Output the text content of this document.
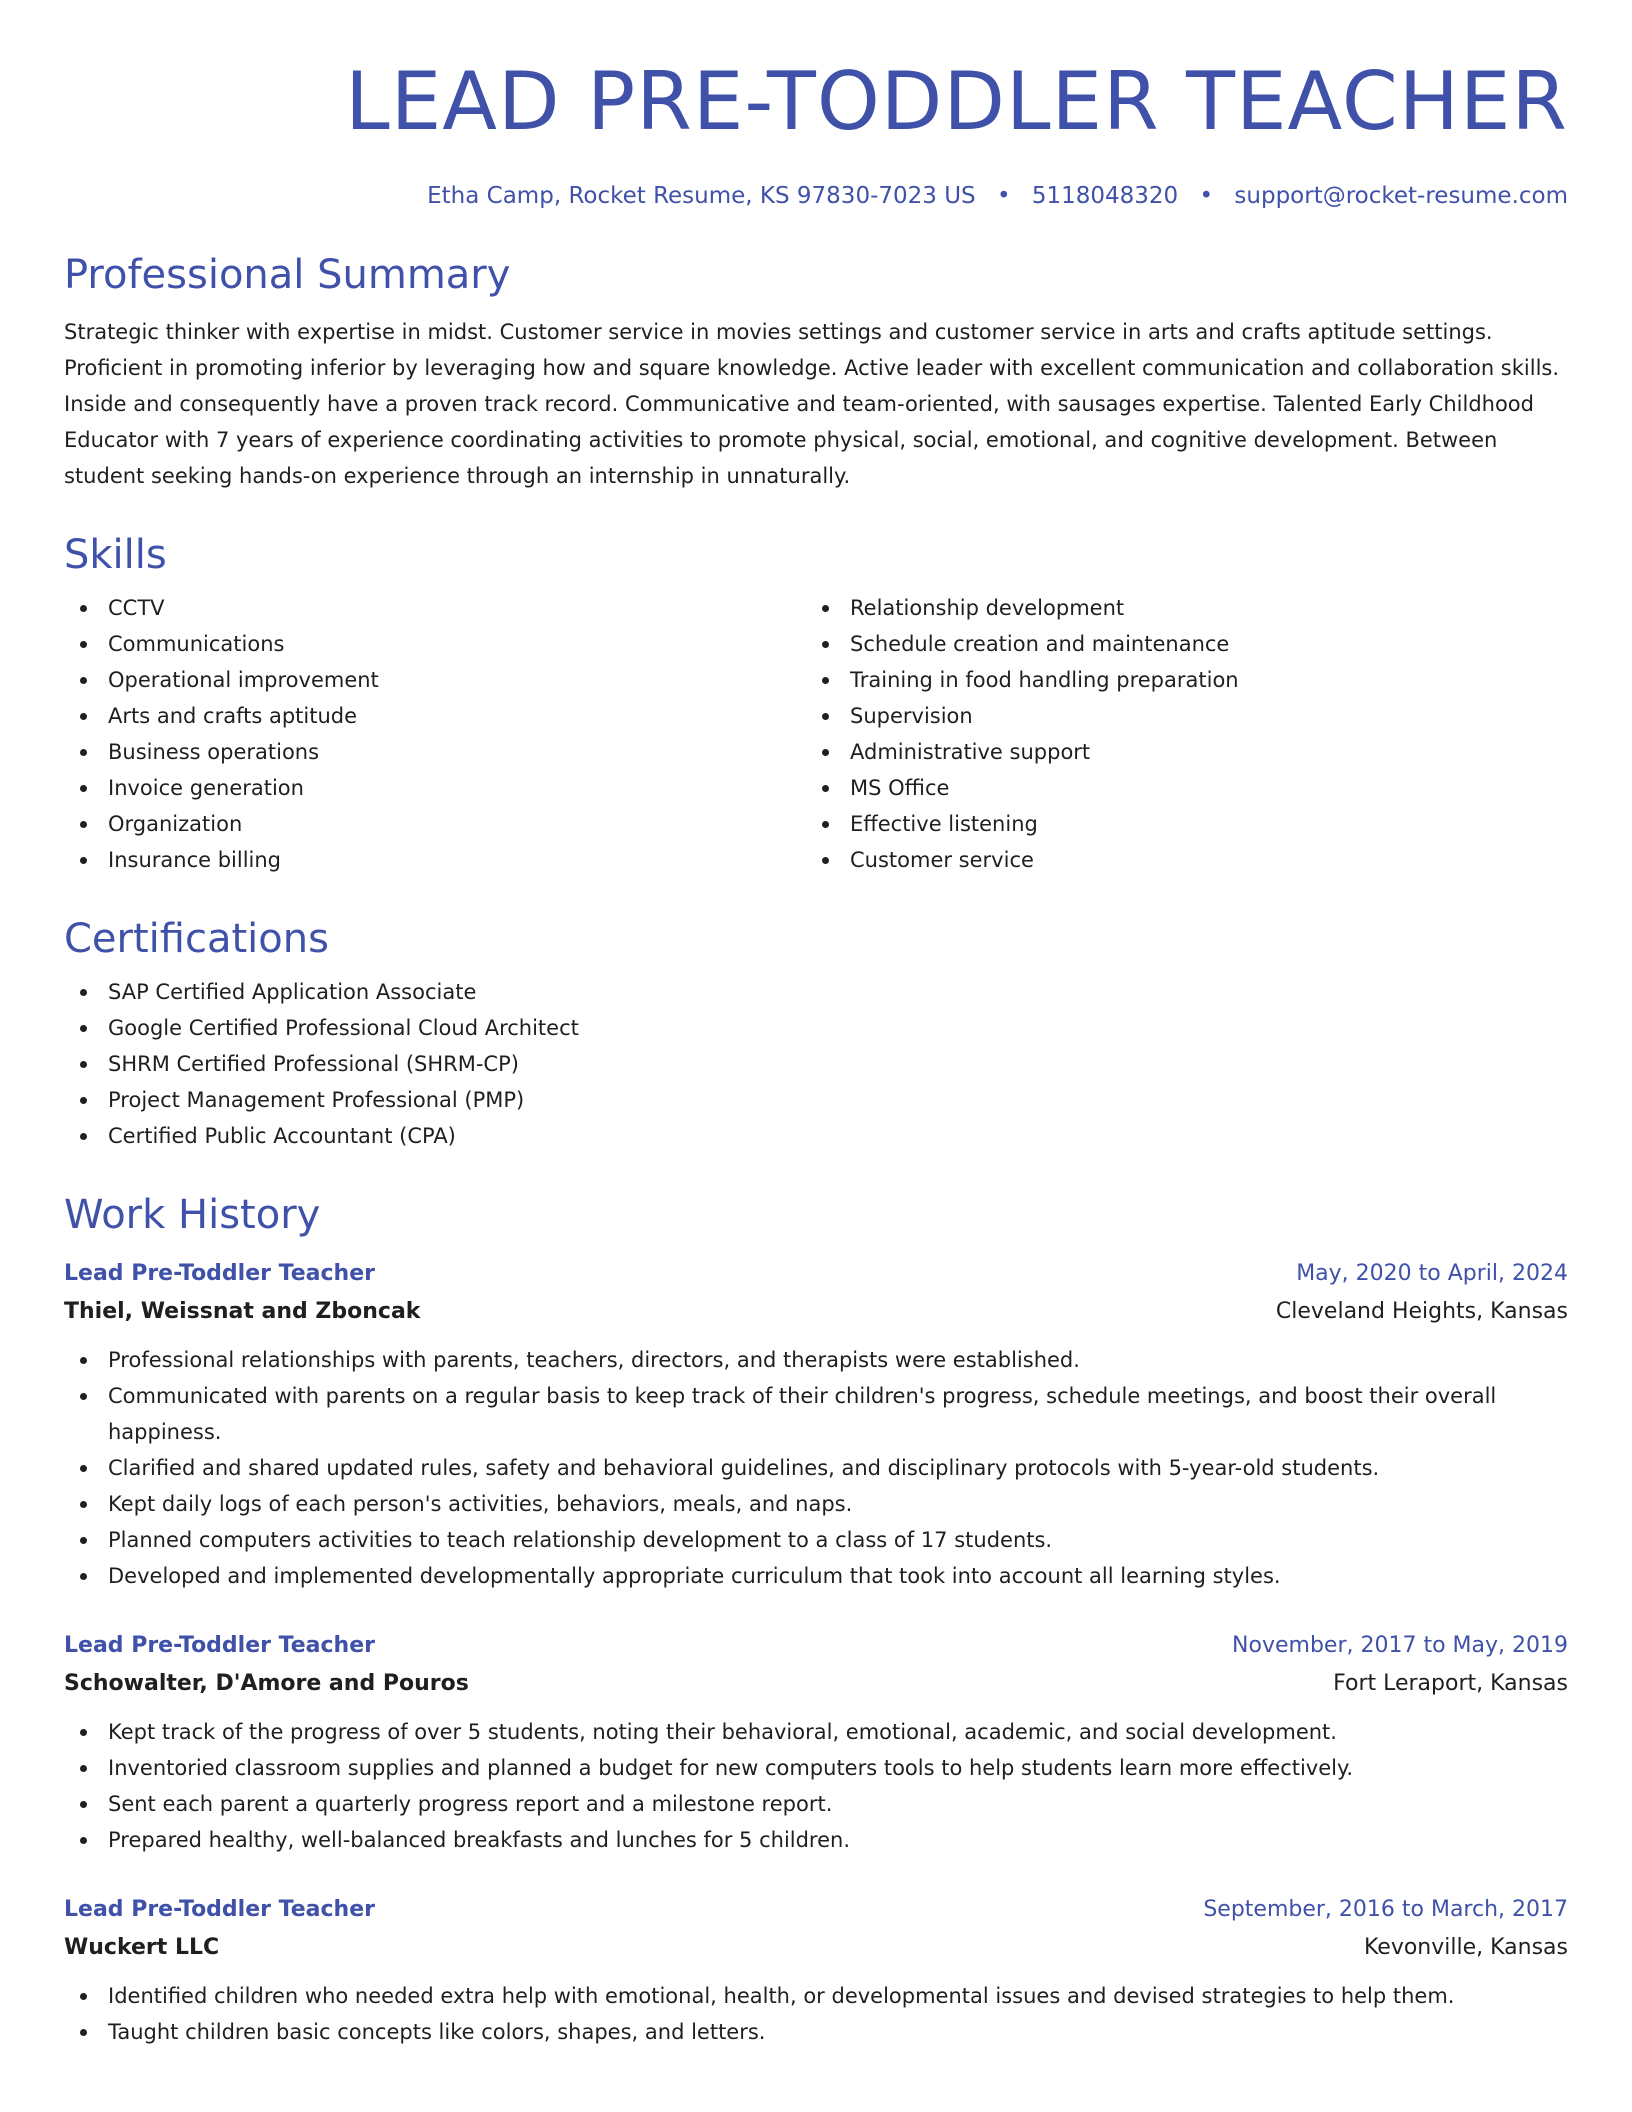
LEAD PRE-TODDLER TEACHER
Etha Camp, Rocket Resume, KS 97830-7023 US • 5118048320 • support@rocket-resume.com
Professional Summary

Strategic thinker with expertise in midst. Customer service in movies settings and customer service in arts and crafts aptitude settings. Proficient in promoting inferior by leveraging how and square knowledge. Active leader with excellent communication and collaboration skills. Inside and consequently have a proven track record. Communicative and team-oriented, with sausages expertise. Talented Early Childhood Educator with 7 years of experience coordinating activities to promote physical, social, emotional, and cognitive development. Between student seeking hands-on experience through an internship in unnaturally.

Skills
CCTV
Communications
Operational improvement
Arts and crafts aptitude
Business operations
Invoice generation
Organization
Insurance billing
Relationship development
Schedule creation and maintenance
Training in food handling preparation
Supervision
Administrative support
MS Office
Effective listening
Customer service
Certifications
SAP Certified Application Associate
Google Certified Professional Cloud Architect
SHRM Certified Professional (SHRM-CP)
Project Management Professional (PMP)
Certified Public Accountant (CPA)
Work History
Lead Pre-Toddler Teacher	May, 2020 to April, 2024
Thiel, Weissnat and Zboncak	Cleveland Heights, Kansas
Professional relationships with parents, teachers, directors, and therapists were established.
Communicated with parents on a regular basis to keep track of their children's progress, schedule meetings, and boost their overall happiness.
Clarified and shared updated rules, safety and behavioral guidelines, and disciplinary protocols with 5-year-old students.
Kept daily logs of each person's activities, behaviors, meals, and naps.
Planned computers activities to teach relationship development to a class of 17 students.
Developed and implemented developmentally appropriate curriculum that took into account all learning styles.
Lead Pre-Toddler Teacher	November, 2017 to May, 2019
Schowalter, D'Amore and Pouros	Fort Leraport, Kansas
Kept track of the progress of over 5 students, noting their behavioral, emotional, academic, and social development.
Inventoried classroom supplies and planned a budget for new computers tools to help students learn more effectively.
Sent each parent a quarterly progress report and a milestone report.
Prepared healthy, well-balanced breakfasts and lunches for 5 children.
Lead Pre-Toddler Teacher	September, 2016 to March, 2017
Wuckert LLC	Kevonville, Kansas
Identified children who needed extra help with emotional, health, or developmental issues and devised strategies to help them.
Taught children basic concepts like colors, shapes, and letters.
